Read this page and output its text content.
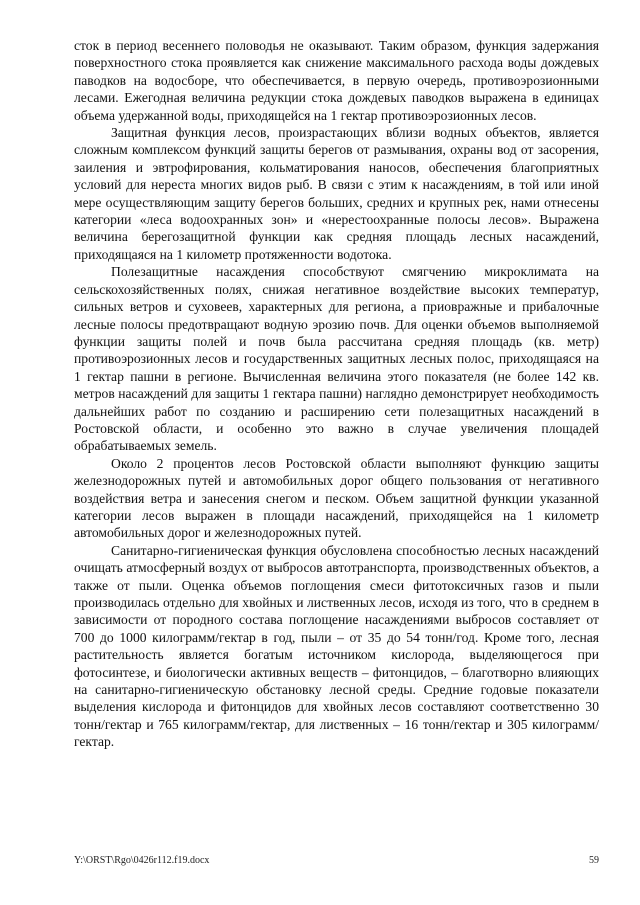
сток в период весеннего половодья не оказывают. Таким образом, функция задержания поверхностного стока проявляется как снижение максимального расхода воды дождевых паводков на водосборе, что обеспечивается, в первую очередь, противоэрозионными лесами. Ежегодная величина редукции стока дождевых паводков выражена в единицах объема удержанной воды, приходящейся на 1 гектар противоэрозионных лесов.

Защитная функция лесов, произрастающих вблизи водных объектов, является сложным комплексом функций защиты берегов от размывания, охраны вод от засорения, заиления и эвтрофирования, кольматирования наносов, обеспечения благоприятных условий для нереста многих видов рыб. В связи с этим к насаждениям, в той или иной мере осуществляющим защиту берегов больших, средних и крупных рек, нами отнесены категории «леса водоохранных зон» и «нерестоохранные полосы лесов». Выражена величина берегозащитной функции как средняя площадь лесных насаждений, приходящаяся на 1 километр протяженности водотока.

Полезащитные насаждения способствуют смягчению микроклимата на сельскохозяйственных полях, снижая негативное воздействие высоких температур, сильных ветров и суховеев, характерных для региона, а приовражные и прибалочные лесные полосы предотвращают водную эрозию почв. Для оценки объемов выполняемой функции защиты полей и почв была рассчитана средняя площадь (кв. метр) противоэрозионных лесов и государственных защитных лесных полос, приходящаяся на 1 гектар пашни в регионе. Вычисленная величина этого показателя (не более 142 кв. метров насаждений для защиты 1 гектара пашни) наглядно демонстрирует необходимость дальнейших работ по созданию и расширению сети полезащитных насаждений в Ростовской области, и особенно это важно в случае увеличения площадей обрабатываемых земель.

Около 2 процентов лесов Ростовской области выполняют функцию защиты железнодорожных путей и автомобильных дорог общего пользования от негативного воздействия ветра и занесения снегом и песком. Объем защитной функции указанной категории лесов выражен в площади насаждений, приходящейся на 1 километр автомобильных дорог и железнодорожных путей.

Санитарно-гигиеническая функция обусловлена способностью лесных насаждений очищать атмосферный воздух от выбросов автотранспорта, производственных объектов, а также от пыли. Оценка объемов поглощения смеси фитотоксичных газов и пыли производилась отдельно для хвойных и лиственных лесов, исходя из того, что в среднем в зависимости от породного состава поглощение насаждениями выбросов составляет от 700 до 1000 килограмм/гектар в год, пыли – от 35 до 54 тонн/год. Кроме того, лесная растительность является богатым источником кислорода, выделяющегося при фотосинтезе, и биологически активных веществ – фитонцидов, – благотворно влияющих на санитарно-гигиеническую обстановку лесной среды. Средние годовые показатели выделения кислорода и фитонцидов для хвойных лесов составляют соответственно 30 тонн/гектар и 765 килограмм/гектар, для лиственных – 16 тонн/гектар и 305 килограмм/гектар.

Y:\ORST\Rgo\0426r112.f19.docx	59
